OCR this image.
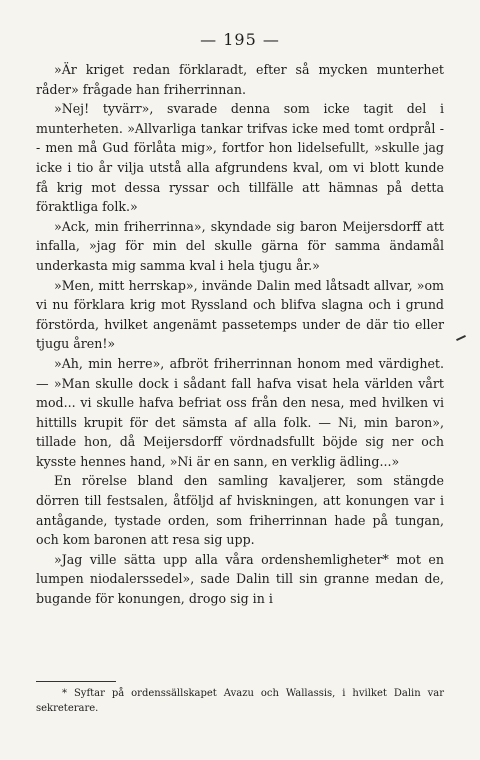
— 195 —

»Är kriget redan förklaradt, efter så mycken munterhet råder» frågade han friherrinnan.

»Nej! tyvärr», svarade denna som icke tagit del i munterheten. »Allvarliga tankar trifvas icke med tomt ordprål -- men må Gud förlåta mig», fortfor hon lidelsefullt, »skulle jag icke i tio år vilja utstå alla afgrundens kval, om vi blott kunde få krig mot dessa ryssar och tillfälle att hämnas på detta föraktliga folk.»

»Ack, min friherrinna», skyndade sig baron Meijersdorff att infalla, »jag för min del skulle gärna för samma ändamål underkasta mig samma kval i hela tjugu år.»

»Men, mitt herrskap», invände Dalin med låtsadt allvar, »om vi nu förklara krig mot Ryssland och blifva slagna och i grund förstörda, hvilket angenämt passetemps under de där tio eller tjugu åren!»

»Ah, min herre», afbröt friherrinnan honom med värdighet. — »Man skulle dock i sådant fall hafva visat hela världen vårt mod... vi skulle hafva befriat oss från den nesa, med hvilken vi hittills krupit för det sämsta af alla folk. — Ni, min baron», tillade hon, då Meijersdorff vördnadsfullt böjde sig ner och kysste hennes hand, »Ni är en sann, en verklig ädling...»

En rörelse bland den samling kavaljerer, som stängde dörren till festsalen, åtföljd af hviskningen, att konungen var i antågande, tystade orden, som friherrinnan hade på tungan, och kom baronen att resa sig upp.

»Jag ville sätta upp alla våra ordenshemligheter* mot en lumpen niodalerssedel», sade Dalin till sin granne medan de, bugande för konungen, drogo sig in i

* Syftar på ordenssällskapet Avazu och Wallassis, i hvilket Dalin var sekreterare.
